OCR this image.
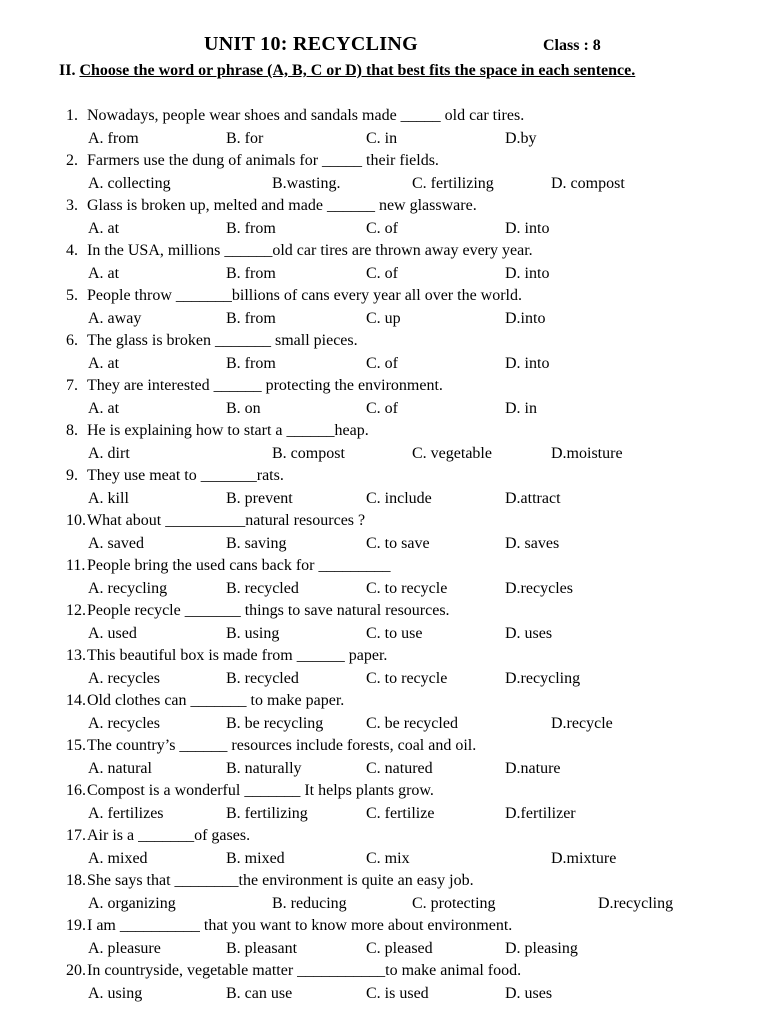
UNIT 10: RECYCLING	Class : 8
II. Choose the word or phrase (A, B, C or D) that best fits the space in each sentence.
1. Nowadays, people wear shoes and sandals made _____ old car tires.
A. from	B. for	C. in	D.by
2. Farmers use the dung of animals for _____ their fields.
A. collecting	B.wasting.	C. fertilizing	D. compost
3. Glass is broken up, melted and made ______ new glassware.
A. at	B. from	C. of	D. into
4. In the USA, millions ______old car tires are thrown away every year.
A. at	B. from	C. of	D. into
5. People throw _______billions of cans every year all over the world.
A. away	B. from	C. up	D.into
6. The glass is broken _______ small pieces.
A. at	B. from	C. of	D. into
7. They are interested ______ protecting the environment.
A. at	B. on	C. of	D. in
8. He is explaining how to start a ______heap.
A. dirt	B. compost	C. vegetable	D.moisture
9. They use meat to _______rats.
A. kill	B. prevent	C. include	D.attract
10.What about __________natural resources ?
A. saved	B. saving	C. to save	D. saves
11.People bring the used cans back for _________
A. recycling	B. recycled	C. to recycle	D.recycles
12.People recycle _______ things to save natural resources.
A. used	B. using	C. to use	D. uses
13.This beautiful box is made from ______ paper.
A. recycles	B. recycled	C. to recycle	D.recycling
14.Old clothes can _______ to make paper.
A. recycles	B. be recycling	C. be recycled	D.recycle
15.The country’s ______ resources include forests, coal and oil.
A. natural	B. naturally	C. natured	D.nature
16.Compost is a wonderful _______ It helps plants grow.
A. fertilizes	B. fertilizing	C. fertilize	D.fertilizer
17.Air is a _______of gases.
A. mixed	B. mixed	C. mix	D.mixture
18.She says that ________the environment is quite an easy job.
A. organizing	B. reducing	C. protecting	D.recycling
19.I am __________ that you want to know more about environment.
A. pleasure	B. pleasant	C. pleased	D. pleasing
20.In countryside, vegetable matter ___________to make animal food.
A. using	B. can use	C. is used	D. uses
